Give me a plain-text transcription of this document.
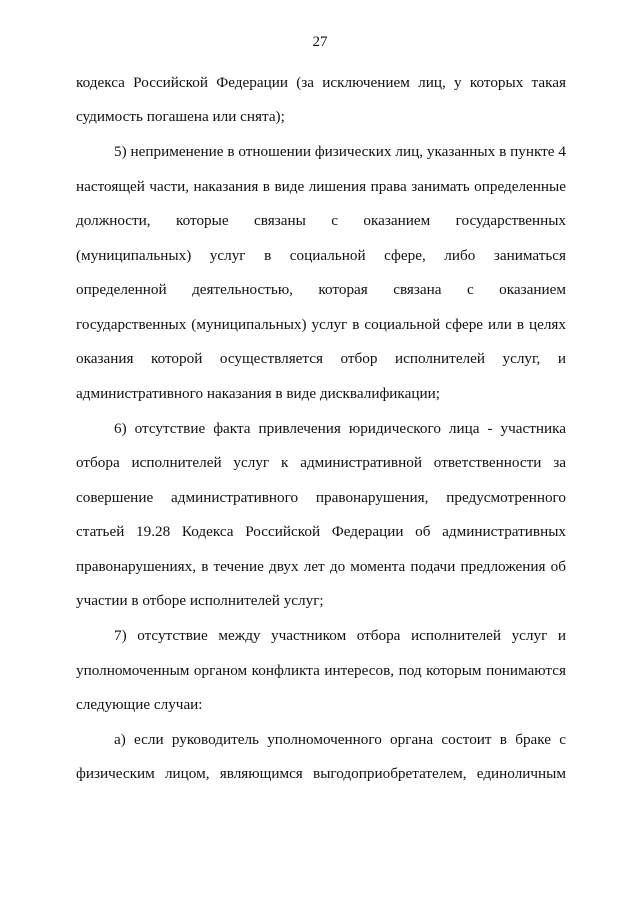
27
кодекса Российской Федерации (за исключением лиц, у которых такая
судимость погашена или снята);
5) неприменение в отношении физических лиц, указанных в пункте 4
настоящей части, наказания в виде лишения права занимать определенные
должности, которые связаны с оказанием государственных
(муниципальных) услуг в социальной сфере, либо заниматься
определенной деятельностью, которая связана с оказанием
государственных (муниципальных) услуг в социальной сфере или в целях
оказания которой осуществляется отбор исполнителей услуг, и
административного наказания в виде дисквалификации;
6) отсутствие факта привлечения юридического лица - участника
отбора исполнителей услуг к административной ответственности за
совершение административного правонарушения, предусмотренного
статьей 19.28 Кодекса Российской Федерации об административных
правонарушениях, в течение двух лет до момента подачи предложения об
участии в отборе исполнителей услуг;
7) отсутствие между участником отбора исполнителей услуг и
уполномоченным органом конфликта интересов, под которым понимаются
следующие случаи:
а) если руководитель уполномоченного органа состоит в браке с
физическим лицом, являющимся выгодоприобретателем, единоличным
